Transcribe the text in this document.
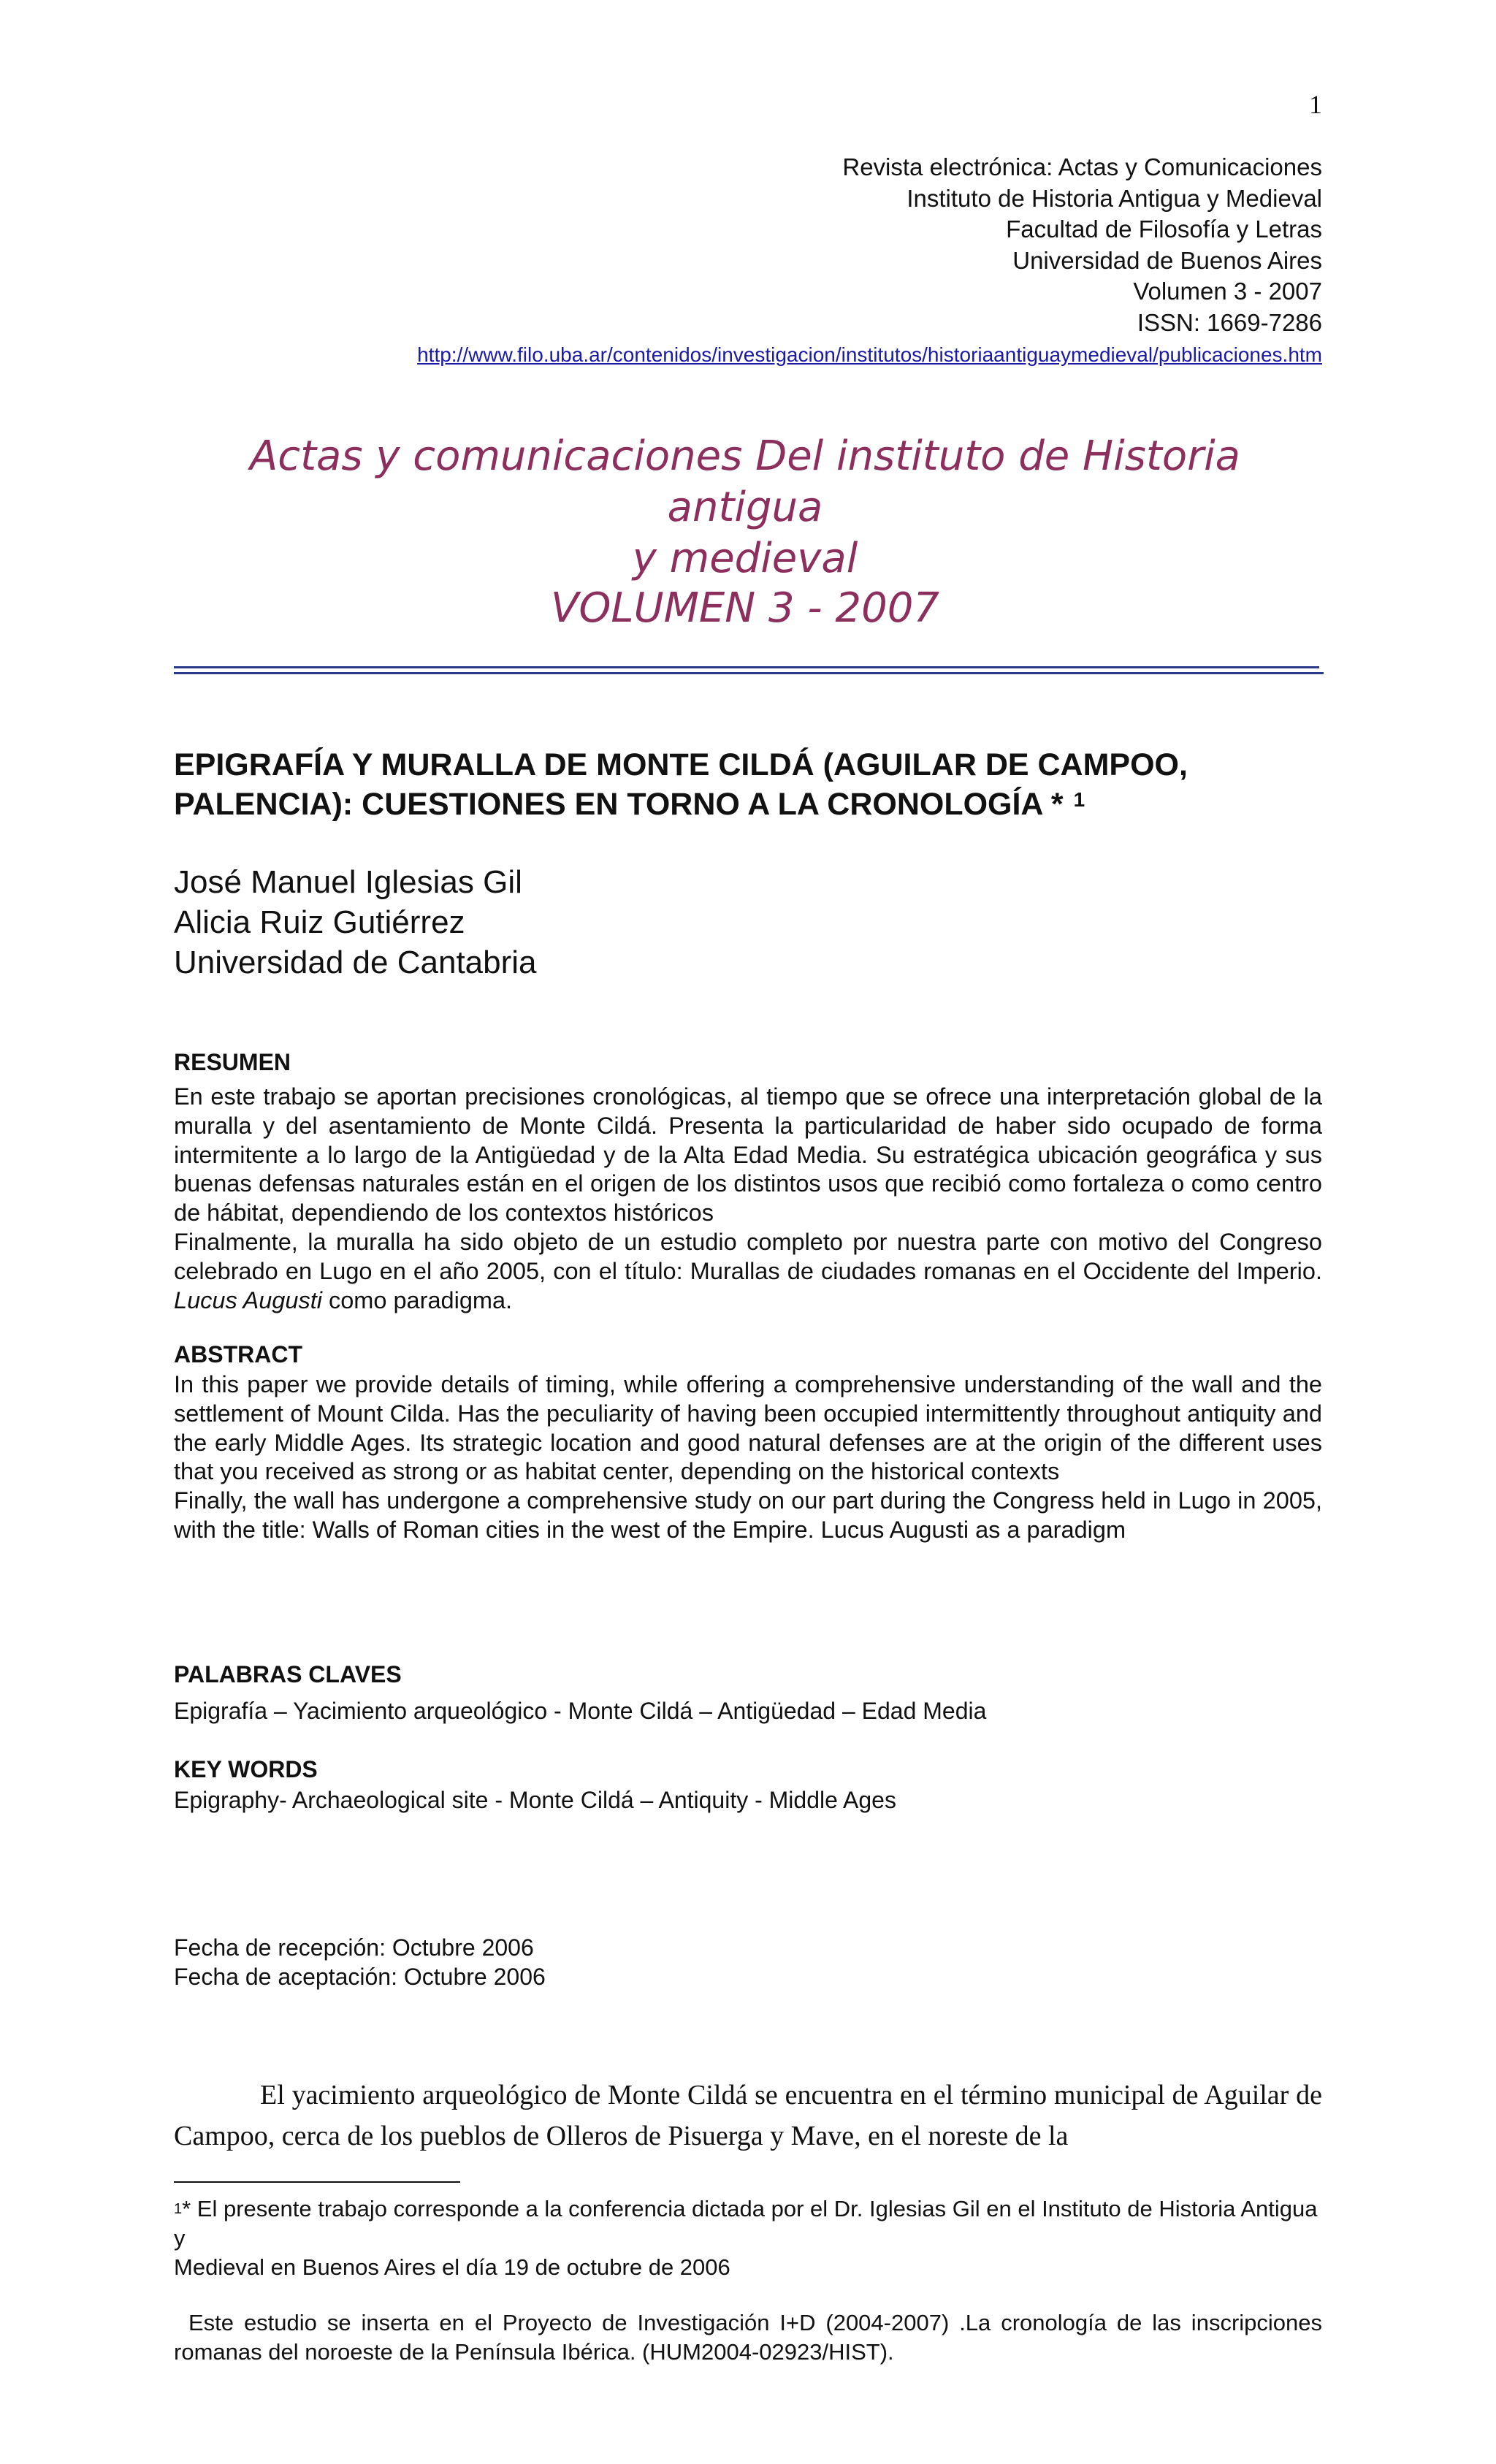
1
Revista electrónica: Actas y Comunicaciones
Instituto de Historia Antigua y Medieval
Facultad de Filosofía y Letras
Universidad de Buenos Aires
Volumen 3 - 2007
ISSN: 1669-7286
http://www.filo.uba.ar/contenidos/investigacion/institutos/historiaantiguaymedieval/publicaciones.htm
Actas y comunicaciones Del instituto de Historia antigua
y medieval
VOLUMEN 3 - 2007
EPIGRAFÍA Y MURALLA DE MONTE CILDÁ (AGUILAR DE CAMPOO, PALENCIA): CUESTIONES EN TORNO A LA CRONOLOGÍA * $^1$
José Manuel Iglesias Gil
Alicia Ruiz Gutiérrez
Universidad de Cantabria
RESUMEN
En este trabajo se aportan precisiones cronológicas, al tiempo que se ofrece una interpretación global de la muralla y del asentamiento de Monte Cildá. Presenta la particularidad de haber sido ocupado de forma intermitente a lo largo de la Antigüedad y de la Alta Edad Media. Su estratégica ubicación geográfica y sus buenas defensas naturales están en el origen de los distintos usos que recibió como fortaleza o como centro de hábitat, dependiendo de los contextos históricos
Finalmente, la muralla ha sido objeto de un estudio completo por nuestra parte con motivo del Congreso celebrado en Lugo en el año 2005, con el título: Murallas de ciudades romanas en el Occidente del Imperio. Lucus Augusti como paradigma.
ABSTRACT
In this paper we provide details of timing, while offering a comprehensive understanding of the wall and the settlement of Mount Cilda. Has the peculiarity of having been occupied intermittently throughout antiquity and the early Middle Ages. Its strategic location and good natural defenses are at the origin of the different uses that you received as strong or as habitat center, depending on the historical contexts
Finally, the wall has undergone a comprehensive study on our part during the Congress held in Lugo in 2005, with the title: Walls of Roman cities in the west of the Empire. Lucus Augusti as a paradigm
PALABRAS CLAVES
Epigrafía – Yacimiento arqueológico - Monte Cildá – Antigüedad – Edad Media
KEY WORDS
Epigraphy- Archaeological site - Monte Cildá – Antiquity - Middle Ages
Fecha de recepción: Octubre 2006
Fecha de aceptación: Octubre 2006
El yacimiento arqueológico de Monte Cildá se encuentra en el término municipal de Aguilar de Campoo, cerca de los pueblos de Olleros de Pisuerga y Mave, en el noreste de la
$^1$* El presente trabajo corresponde a la conferencia dictada por el Dr. Iglesias Gil en el Instituto de Historia Antigua y
Medieval en Buenos Aires el día 19 de octubre de 2006
Este estudio se inserta en el Proyecto de Investigación I+D (2004-2007) .La cronología de las inscripciones romanas del noroeste de la Península Ibérica. (HUM2004-02923/HIST).
